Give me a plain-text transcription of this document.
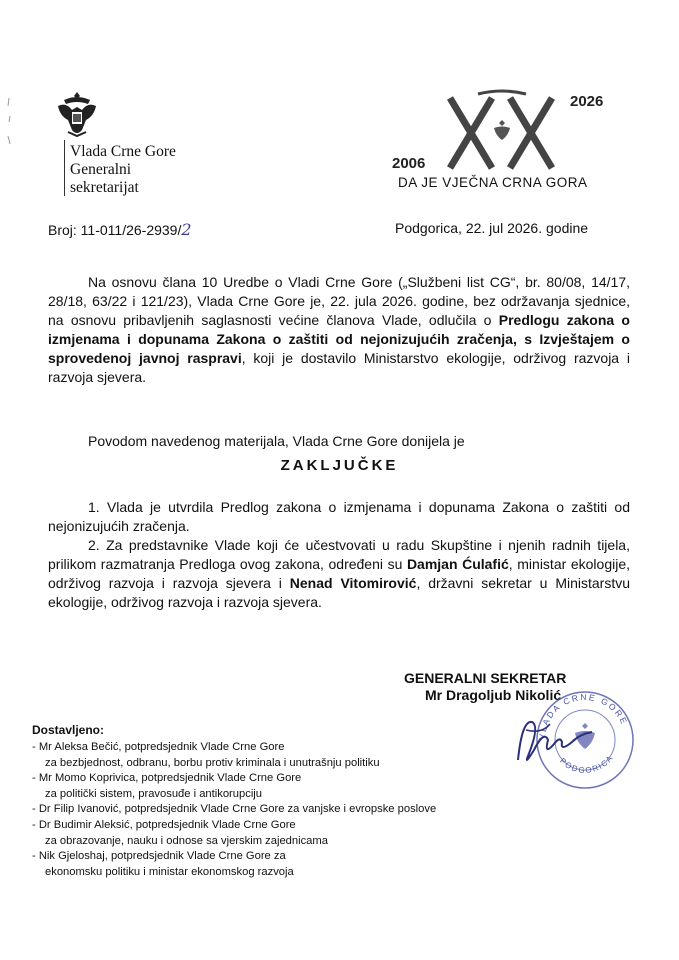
Vlada Crne Gore
Generalni
sekretarijat
2006
2026
DA JE VJEČNA CRNA GORA
Broj: 11-011/26-2939/2	Podgorica, 22. jul 2026. godine
Na osnovu člana 10 Uredbe o Vladi Crne Gore („Službeni list CG“, br. 80/08, 14/17, 28/18, 63/22 i 121/23), Vlada Crne Gore je, 22. jula 2026. godine, bez održavanja sjednice, na osnovu pribavljenih saglasnosti većine članova Vlade, odlučila o Predlogu zakona o izmjenama i dopunama Zakona o zaštiti od nejonizujućih zračenja, s Izvještajem o sprovedenoj javnoj raspravi, koji je dostavilo Ministarstvo ekologije, održivog razvoja i razvoja sjevera.
Povodom navedenog materijala, Vlada Crne Gore donijela je
ZAKLJUČKE
1. Vlada je utvrdila Predlog zakona o izmjenama i dopunama Zakona o zaštiti od nejonizujućih zračenja.
2. Za predstavnike Vlade koji će učestvovati u radu Skupštine i njenih radnih tijela, prilikom razmatranja Predloga ovog zakona, određeni su Damjan Ćulafić, ministar ekologije, održivog razvoja i razvoja sjevera i Nenad Vitomirović, državni sekretar u Ministarstvu ekologije, održivog razvoja i razvoja sjevera.
GENERALNI SEKRETAR
Mr Dragoljub Nikolić
VLADA CRNE GORE
PODGORICA
Dostavljeno:
- Mr Aleksa Bečić, potpredsjednik Vlade Crne Gore
za bezbjednost, odbranu, borbu protiv kriminala i unutrašnju politiku
- Mr Momo Koprivica, potpredsjednik Vlade Crne Gore
za politički sistem, pravosuđe i antikorupciju
- Dr Filip Ivanović, potpredsjednik Vlade Crne Gore za vanjske i evropske poslove
- Dr Budimir Aleksić, potpredsjednik Vlade Crne Gore
za obrazovanje, nauku i odnose sa vjerskim zajednicama
- Nik Gjeloshaj, potpredsjednik Vlade Crne Gore za
ekonomsku politiku i ministar ekonomskog razvoja
